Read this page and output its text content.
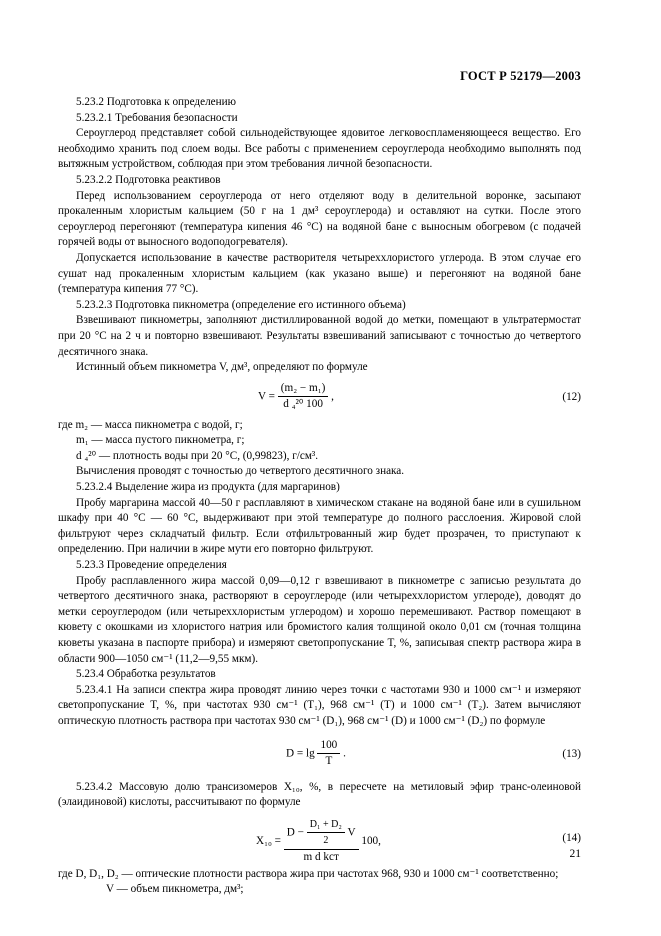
ГОСТ Р 52179—2003

5.23.2 Подготовка к определению

5.23.2.1 Требования безопасности

Сероуглерод представляет собой сильнодействующее ядовитое легковоспламеняющееся вещество. Его необходимо хранить под слоем воды. Все работы с применением сероуглерода необходимо выполнять под вытяжным устройством, соблюдая при этом требования личной безопасности.

5.23.2.2 Подготовка реактивов

Перед использованием сероуглерода от него отделяют воду в делительной воронке, засыпают прокаленным хлористым кальцием (50 г на 1 дм³ сероуглерода) и оставляют на сутки. После этого сероуглерод перегоняют (температура кипения 46 °С) на водяной бане с выносным обогревом (с подачей горячей воды от выносного водоподогревателя).

Допускается использование в качестве растворителя четыреххлористого углерода. В этом случае его сушат над прокаленным хлористым кальцием (как указано выше) и перегоняют на водяной бане (температура кипения 77 °С).

5.23.2.3 Подготовка пикнометра (определение его истинного объема)

Взвешивают пикнометры, заполняют дистиллированной водой до метки, помещают в ультратермостат при 20 °С на 2 ч и повторно взвешивают. Результаты взвешиваний записывают с точностью до четвертого десятичного знака.

Истинный объем пикнометра V, дм³, определяют по формуле

$V = \frac{\text{(m₂ − m₁)}}{\text{d ₄²⁰ 100}}$ ,	(12)

где m₂ — масса пикнометра с водой, г;

m₁ — масса пустого пикнометра, г;

d ₄²⁰ — плотность воды при 20 °С, (0,99823), г/см³.

Вычисления проводят с точностью до четвертого десятичного знака.

5.23.2.4 Выделение жира из продукта (для маргаринов)

Пробу маргарина массой 40—50 г расплавляют в химическом стакане на водяной бане или в сушильном шкафу при 40 °С — 60 °С, выдерживают при этой температуре до полного расслоения. Жировой слой фильтруют через складчатый фильтр. Если отфильтрованный жир будет прозрачен, то приступают к определению. При наличии в жире мути его повторно фильтруют.

5.23.3 Проведение определения

Пробу расплавленного жира массой 0,09—0,12 г взвешивают в пикнометре с записью результата до четвертого десятичного знака, растворяют в сероуглероде (или четыреххлористом углероде), доводят до метки сероуглеродом (или четыреххлористым углеродом) и хорошо перемешивают. Раствор помещают в кювету с окошками из хлористого натрия или бромистого калия толщиной около 0,01 см (точная толщина кюветы указана в паспорте прибора) и измеряют светопропускание T, %, записывая спектр раствора жира в области 900—1050 см⁻¹ (11,2—9,55 мкм).

5.23.4 Обработка результатов

5.23.4.1 На записи спектра жира проводят линию через точки с частотами 930 и 1000 см⁻¹ и измеряют светопропускание T, %, при частотах 930 см⁻¹ (T₁), 968 см⁻¹ (T) и 1000 см⁻¹ (T₂). Затем вычисляют оптическую плотность раствора при частотах 930 см⁻¹ (D₁), 968 см⁻¹ (D) и 1000 см⁻¹ (D₂) по формуле

$D = \lg \frac{100}{T}$ .	(13)

5.23.4.2 Массовую долю трансизомеров X₁₀, %, в пересчете на метиловый эфир транс-олеиновой (элаидиновой) кислоты, рассчитывают по формуле

X₁₀ =
$D - \frac{\text{D₁ + D₂}}{2}$ V
m d kст
100,	(14)

где D, D₁, D₂ — оптические плотности раствора жира при частотах 968, 930 и 1000 см⁻¹ соответственно;

V — объем пикнометра, дм³;

21
